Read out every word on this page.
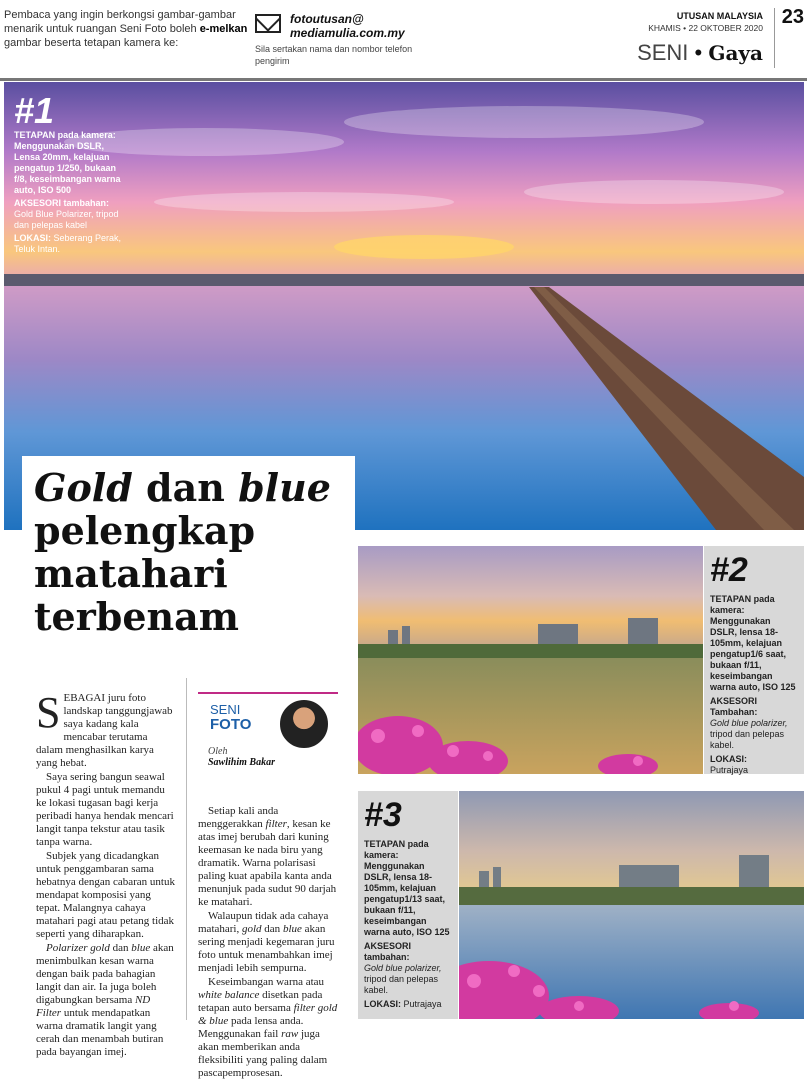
Pembaca yang ingin berkongsi gambar-gambar menarik untuk ruangan Seni Foto boleh e-melkan gambar beserta tetapan kamera ke:
fotoutusan@
mediamulia.com.my
Sila sertakan nama dan nombor telefon pengirim
UTUSAN MALAYSIA
KHAMIS • 22 OKTOBER 2020 23
SENI • Gaya
#1
TETAPAN pada kamera:
Menggunakan DSLR, Lensa 20mm, kelajuan pengatup 1/250, bukaan f/8, keseimbangan warna auto, ISO 500
AKSESORI tambahan:
Gold Blue Polarizer, tripod dan pelepas kabel
LOKASI: Seberang Perak, Teluk Intan.
Gold dan blue
pelengkap matahari terbenam

SEBAGAI juru foto landskap tanggungjawab saya kadang kala mencabar terutama dalam menghasilkan karya yang hebat.

Saya sering bangun seawal pukul 4 pagi untuk memandu ke lokasi tugasan bagi kerja peribadi hanya hendak mencari langit tanpa tekstur atau tasik tanpa warna.

Subjek yang dicadangkan untuk penggambaran sama hebatnya dengan cabaran untuk mendapat komposisi yang tepat. Malangnya cahaya matahari pagi atau petang tidak seperti yang diharapkan.

Polarizer gold dan blue akan menimbulkan kesan warna dengan baik pada bahagian langit dan air. Ia juga boleh digabungkan bersama ND Filter untuk mendapatkan warna dramatik langit yang cerah dan menambah butiran pada bayangan imej.

SENI
FOTO
Oleh
Sawlihim Bakar

Setiap kali anda menggerakkan filter, kesan ke atas imej berubah dari kuning keemasan ke nada biru yang dramatik. Warna polarisasi paling kuat apabila kanta anda menunjuk pada sudut 90 darjah ke matahari.

Walaupun tidak ada cahaya matahari, gold dan blue akan sering menjadi kegemaran juru foto untuk menambahkan imej menjadi lebih sempurna.

Keseimbangan warna atau white balance disetkan pada tetapan auto bersama filter gold & blue pada lensa anda. Menggunakan fail raw juga akan memberikan anda fleksibiliti yang paling dalam pascapemprosesan.

#2
TETAPAN pada kamera:
Menggunakan DSLR, lensa 18-105mm, kelajuan pengatup1/6 saat, bukaan f/11, keseimbangan warna auto, ISO 125
AKSESORI Tambahan:
Gold blue polarizer, tripod dan pelepas kabel.
LOKASI:
Putrajaya
#3
TETAPAN pada kamera:
Menggunakan DSLR, lensa 18-105mm, kelajuan pengatup1/13 saat, bukaan f/11, keseimbangan warna auto, ISO 125
AKSESORI tambahan:
Gold blue polarizer, tripod dan pelepas kabel.
LOKASI: Putrajaya
